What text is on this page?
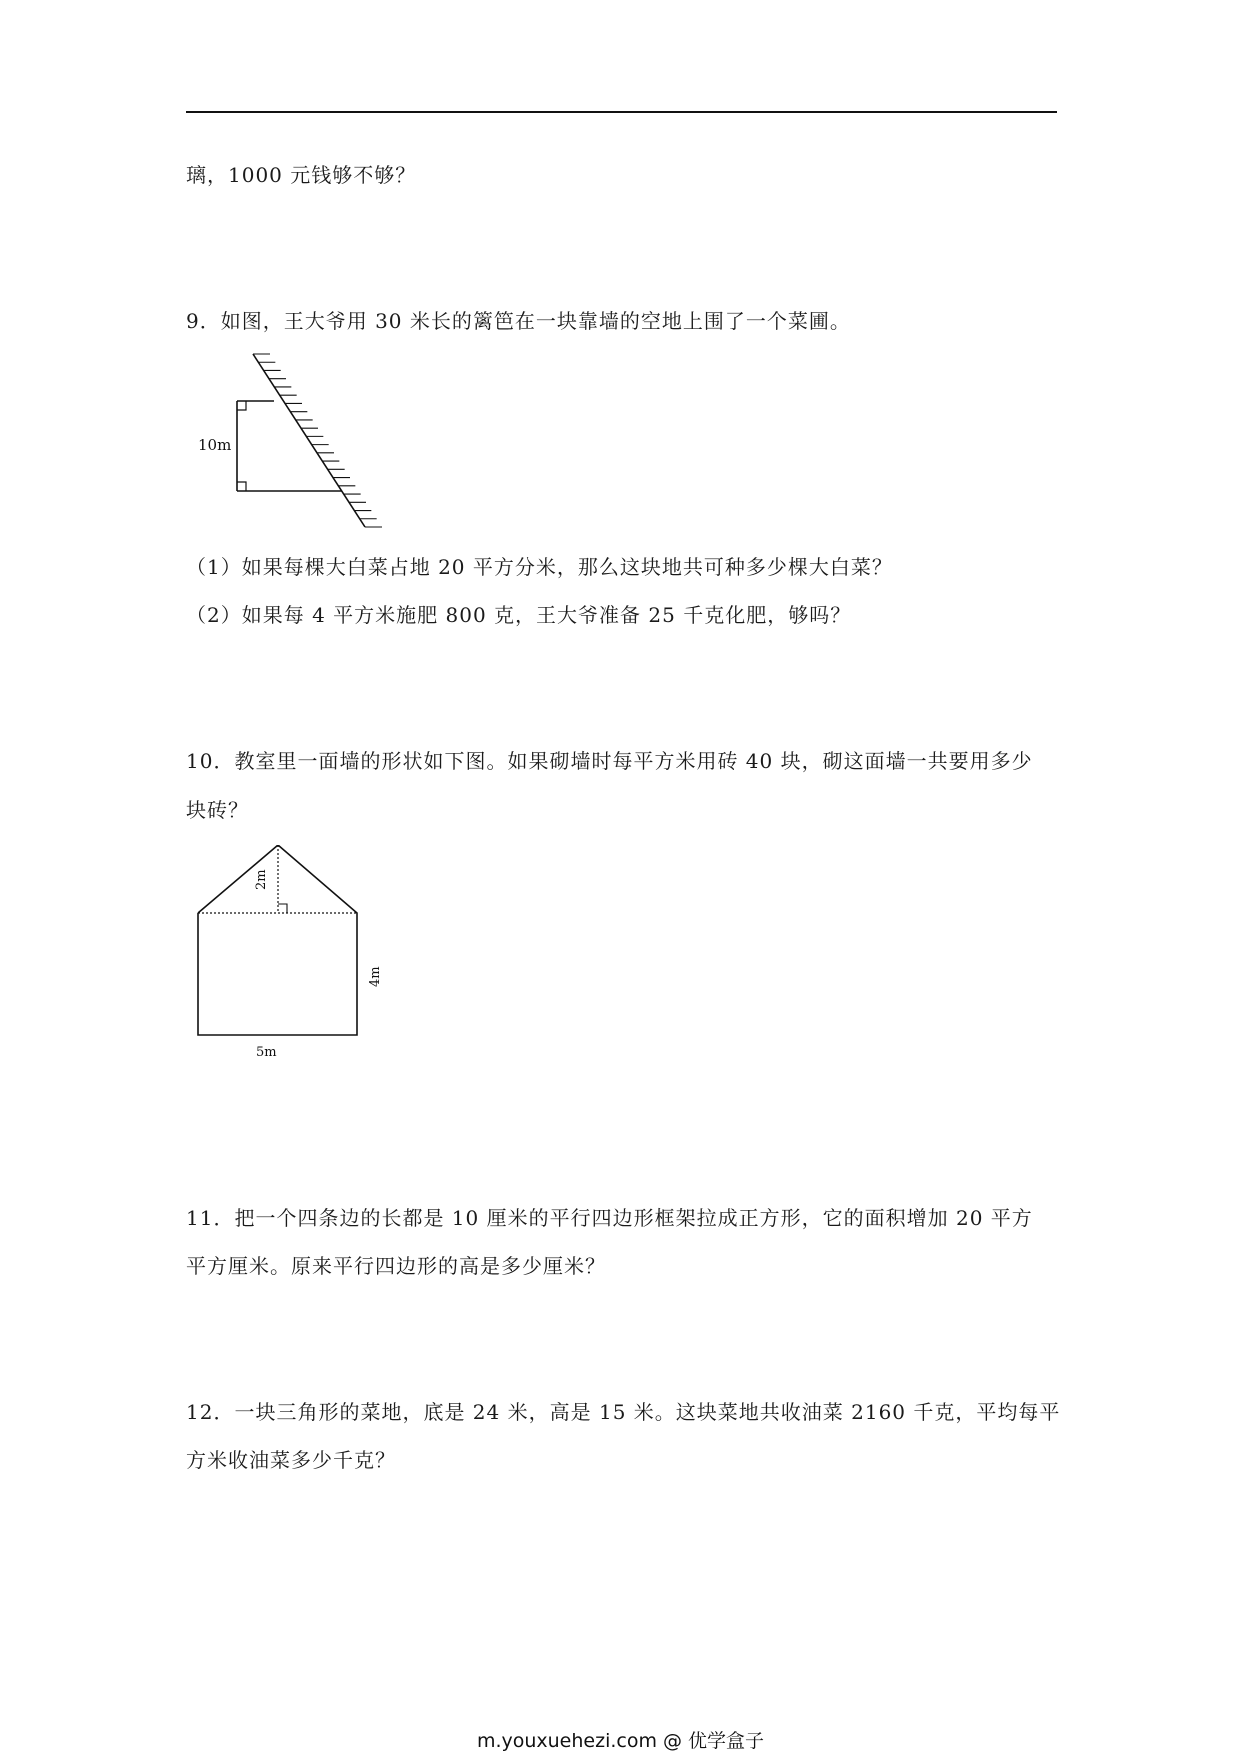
璃，1000 元钱够不够？
9．如图，王大爷用 30 米长的篱笆在一块靠墙的空地上围了一个菜圃。
10m
（1）如果每棵大白菜占地 20 平方分米，那么这块地共可种多少棵大白菜？
（2）如果每 4 平方米施肥 800 克，王大爷准备 25 千克化肥，够吗？
10．教室里一面墙的形状如下图。如果砌墙时每平方米用砖 40 块，砌这面墙一共要用多少
块砖？
2m
4m
5m
11．把一个四条边的长都是 10 厘米的平行四边形框架拉成正方形，它的面积增加 20 平方
平方厘米。原来平行四边形的高是多少厘米？
12．一块三角形的菜地，底是 24 米，高是 15 米。这块菜地共收油菜 2160 千克，平均每平
方米收油菜多少千克？
m.youxuehezi.com @ 优学盒子
